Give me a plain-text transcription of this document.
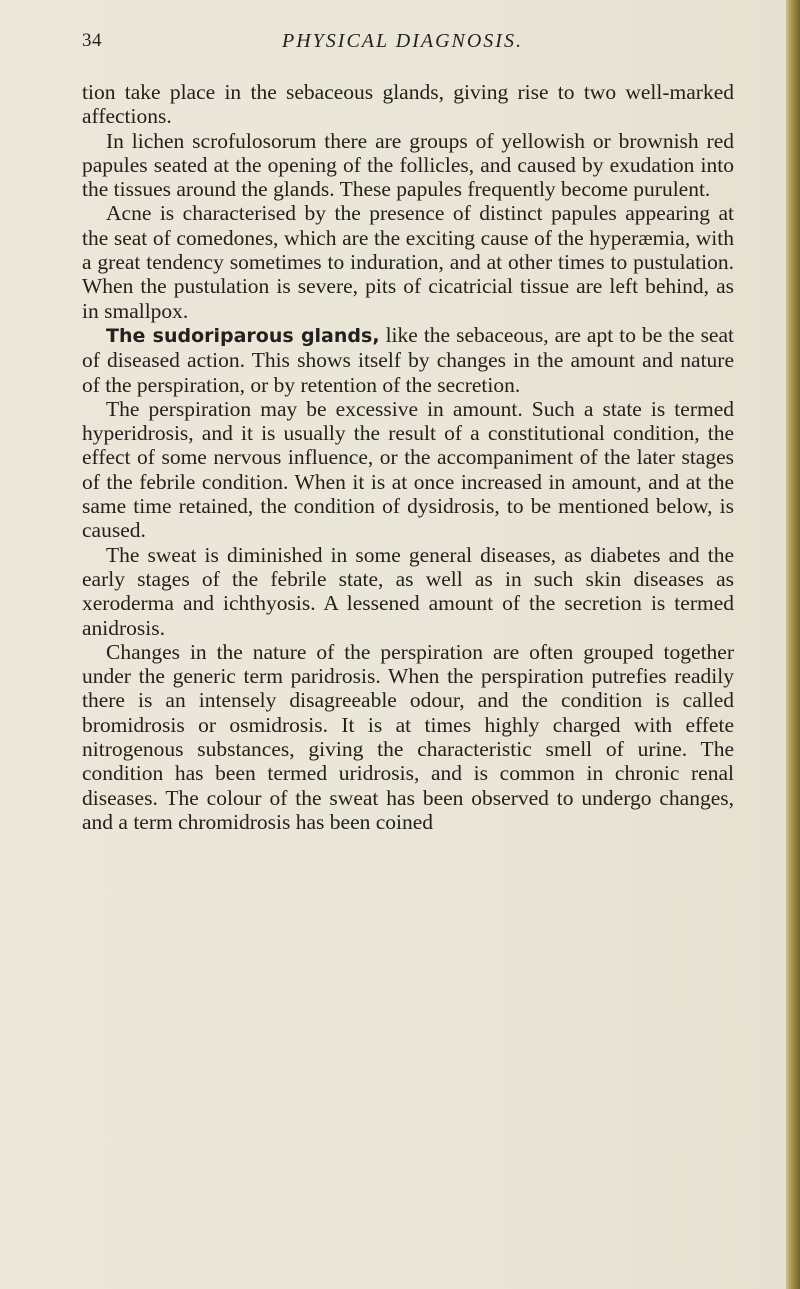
34	PHYSICAL DIAGNOSIS.

tion take place in the sebaceous glands, giving rise to two well-marked affections.

In lichen scrofulosorum there are groups of yellowish or brownish red papules seated at the opening of the follicles, and caused by exudation into the tissues around the glands. These papules frequently become purulent.

Acne is characterised by the presence of distinct papules appearing at the seat of comedones, which are the exciting cause of the hyperæmia, with a great tendency sometimes to induration, and at other times to pustulation. When the pustulation is severe, pits of cicatricial tissue are left behind, as in smallpox.

The sudoriparous glands, like the sebaceous, are apt to be the seat of diseased action. This shows itself by changes in the amount and nature of the perspiration, or by retention of the secretion.

The perspiration may be excessive in amount. Such a state is termed hyperidrosis, and it is usually the result of a constitutional condition, the effect of some nervous influence, or the accompaniment of the later stages of the febrile condition. When it is at once increased in amount, and at the same time retained, the condition of dysidrosis, to be mentioned below, is caused.

The sweat is diminished in some general diseases, as diabetes and the early stages of the febrile state, as well as in such skin diseases as xeroderma and ichthyosis. A lessened amount of the secretion is termed anidrosis.

Changes in the nature of the perspiration are often grouped together under the generic term paridrosis. When the perspiration putrefies readily there is an intensely disagreeable odour, and the condition is called bromidrosis or osmidrosis. It is at times highly charged with effete nitrogenous substances, giving the characteristic smell of urine. The condition has been termed uridrosis, and is common in chronic renal diseases. The colour of the sweat has been observed to undergo changes, and a term chromidrosis has been coined
